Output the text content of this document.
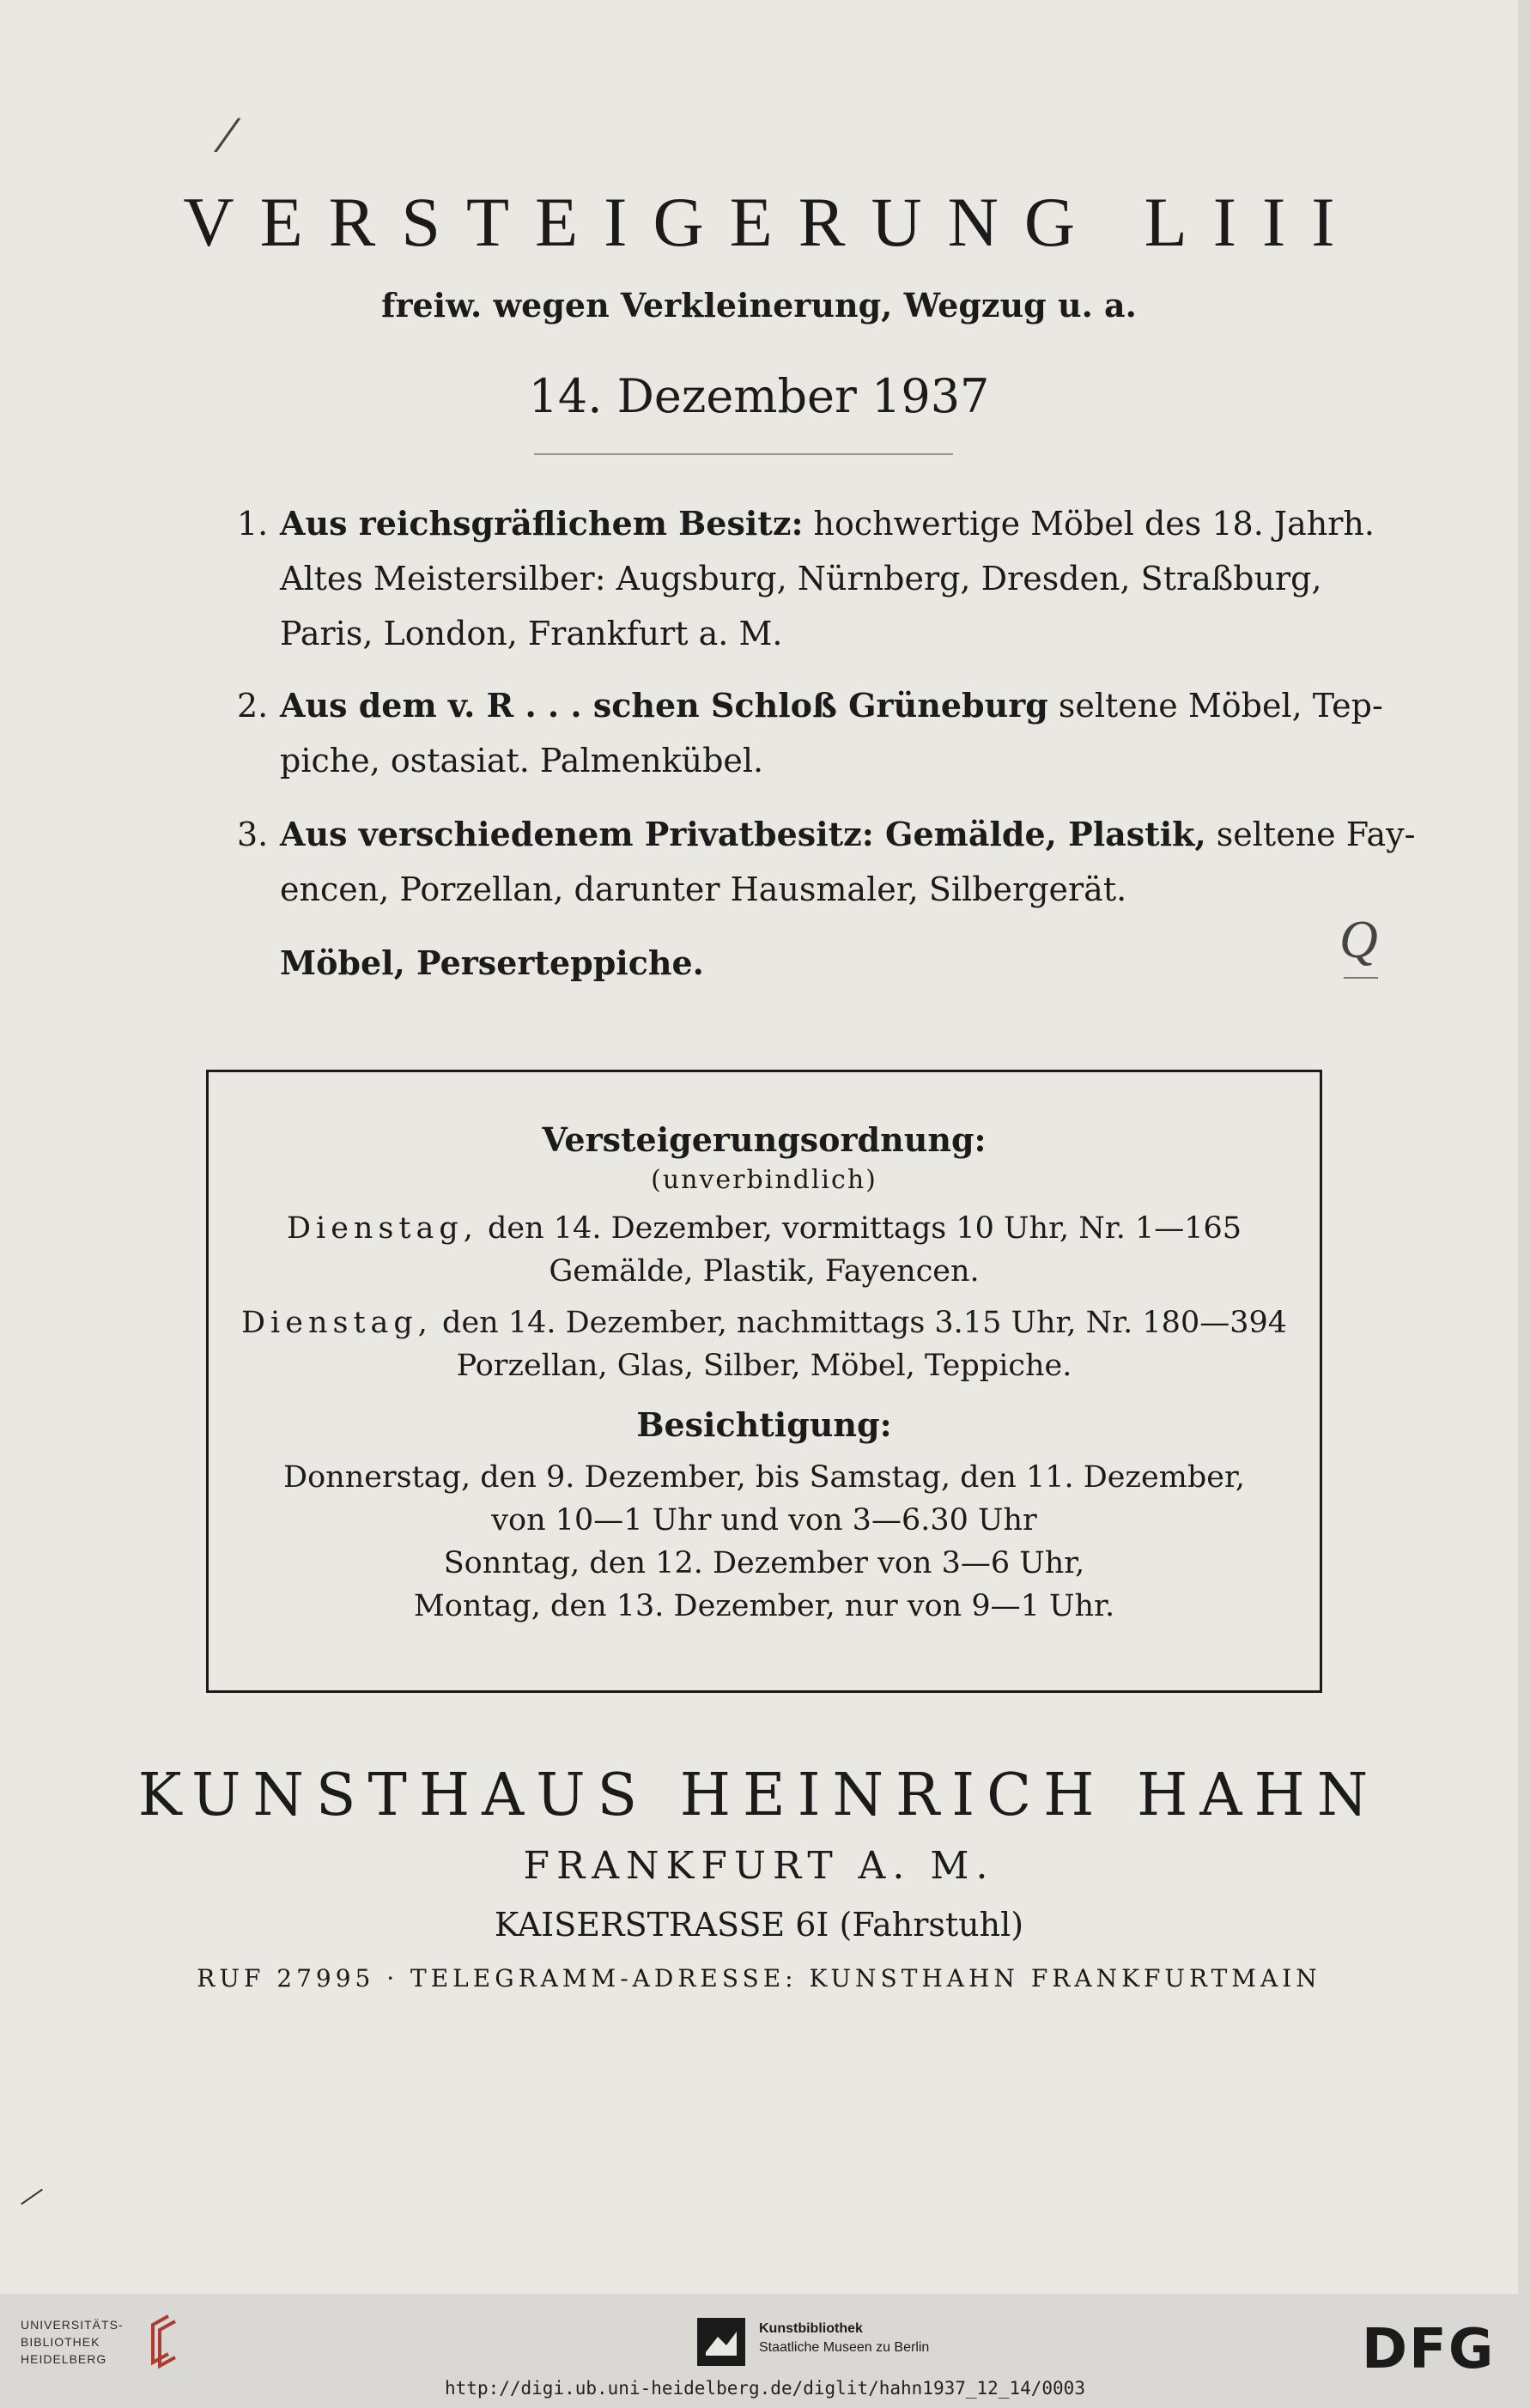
/
Q
VERSTEIGERUNG LIII
freiw. wegen Verkleinerung, Wegzug u. a.
14. Dezember 1937
1. Aus reichsgräflichem Besitz: hochwertige Möbel des 18. Jahrh.
Altes Meistersilber: Augsburg, Nürnberg, Dresden, Straßburg,
Paris, London, Frankfurt a. M.
2. Aus dem v. R . . . schen Schloß Grüneburg seltene Möbel, Tep-
piche, ostasiat. Palmenkübel.
3. Aus verschiedenem Privatbesitz: Gemälde, Plastik, seltene Fay-
encen, Porzellan, darunter Hausmaler, Silbergerät.
Möbel, Perserteppiche.
Versteigerungsordnung:
(unverbindlich)
Dienstag, den 14. Dezember, vormittags 10 Uhr, Nr. 1—165
Gemälde, Plastik, Fayencen.
Dienstag, den 14. Dezember, nachmittags 3.15 Uhr, Nr. 180—394
Porzellan, Glas, Silber, Möbel, Teppiche.
Besichtigung:
Donnerstag, den 9. Dezember, bis Samstag, den 11. Dezember,
von 10—1 Uhr und von 3—6.30 Uhr
Sonntag, den 12. Dezember von 3—6 Uhr,
Montag, den 13. Dezember, nur von 9—1 Uhr.
KUNSTHAUS HEINRICH HAHN
FRANKFURT A. M.
KAISERSTRASSE 6I (Fahrstuhl)
RUF 27995 · TELEGRAMM-ADRESSE: KUNSTHAHN FRANKFURTMAIN
UNIVERSITÄTS-
BIBLIOTHEK
HEIDELBERG
Kunstbibliothek
Staatliche Museen zu Berlin	DFG
http://digi.ub.uni-heidelberg.de/diglit/hahn1937_12_14/0003
